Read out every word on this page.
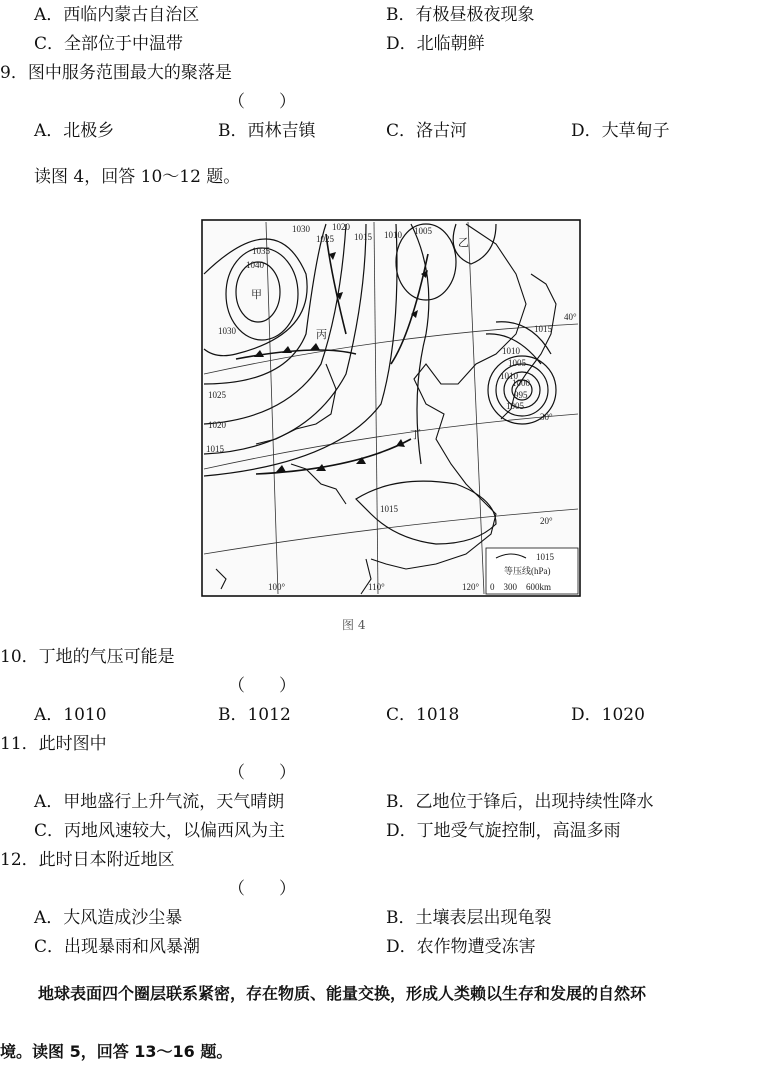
A．西临内蒙古自治区	B．有极昼极夜现象
C．全部位于中温带	D．北临朝鲜
9．图中服务范围最大的聚落是
（　　）
A．北极乡	B．西林吉镇	C．洛古河	D．大草甸子
读图 4，回答 10～12 题。
甲
乙
丙
丁
1035
1040
1030
1025
1020
1015
1010 1005
1020
1025
1030
1015
1010
1005
1015
1000
995
1015
1010
1005
100°	110°	120°
40°
30°
20°
1015
等压线(hPa)
0　300　600km
图 4
10．丁地的气压可能是
（　　）
A．1010	B．1012	C．1018	D．1020
11．此时图中
（　　）
A．甲地盛行上升气流，天气晴朗	B．乙地位于锋后，出现持续性降水
C．丙地风速较大，以偏西风为主	D．丁地受气旋控制，高温多雨
12．此时日本附近地区
（　　）
A．大风造成沙尘暴	B．土壤表层出现龟裂
C．出现暴雨和风暴潮	D．农作物遭受冻害
地球表面四个圈层联系紧密，存在物质、能量交换，形成人类赖以生存和发展的自然环
境。读图 5，回答 13～16 题。
